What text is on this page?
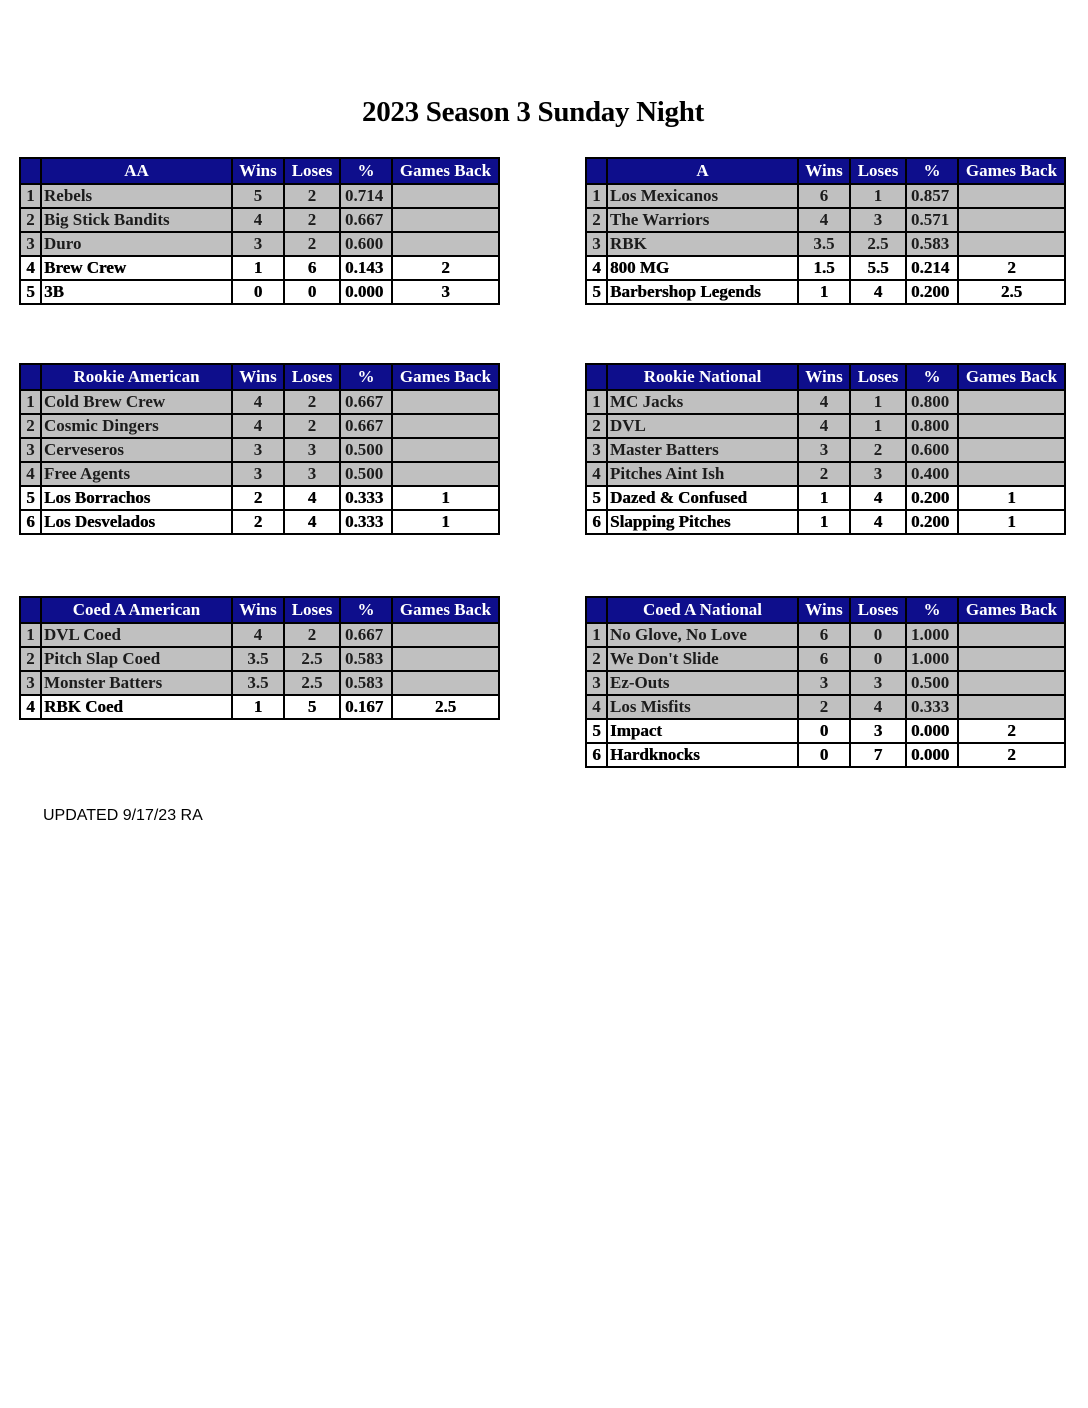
2023 Season 3 Sunday Night
	AA	Wins	Loses	%	Games Back
1	Rebels	5	2	0.714	
2	Big Stick Bandits	4	2	0.667	
3	Duro	3	2	0.600	
4	Brew Crew	1	6	0.143	2
5	3B	0	0	0.000	3
	A	Wins	Loses	%	Games Back
1	Los Mexicanos	6	1	0.857	
2	The Warriors	4	3	0.571	
3	RBK	3.5	2.5	0.583	
4	800 MG	1.5	5.5	0.214	2
5	Barbershop Legends	1	4	0.200	2.5
	Rookie American	Wins	Loses	%	Games Back
1	Cold Brew Crew	4	2	0.667	
2	Cosmic Dingers	4	2	0.667	
3	Cerveseros	3	3	0.500	
4	Free Agents	3	3	0.500	
5	Los Borrachos	2	4	0.333	1
6	Los Desvelados	2	4	0.333	1
	Rookie National	Wins	Loses	%	Games Back
1	MC Jacks	4	1	0.800	
2	DVL	4	1	0.800	
3	Master Batters	3	2	0.600	
4	Pitches Aint Ish	2	3	0.400	
5	Dazed & Confused	1	4	0.200	1
6	Slapping Pitches	1	4	0.200	1
	Coed A American	Wins	Loses	%	Games Back
1	DVL Coed	4	2	0.667	
2	Pitch Slap Coed	3.5	2.5	0.583	
3	Monster Batters	3.5	2.5	0.583	
4	RBK Coed	1	5	0.167	2.5
	Coed A National	Wins	Loses	%	Games Back
1	No Glove, No Love	6	0	1.000	
2	We Don't Slide	6	0	1.000	
3	Ez-Outs	3	3	0.500	
4	Los Misfits	2	4	0.333	
5	Impact	0	3	0.000	2
6	Hardknocks	0	7	0.000	2
UPDATED 9/17/23 RA
